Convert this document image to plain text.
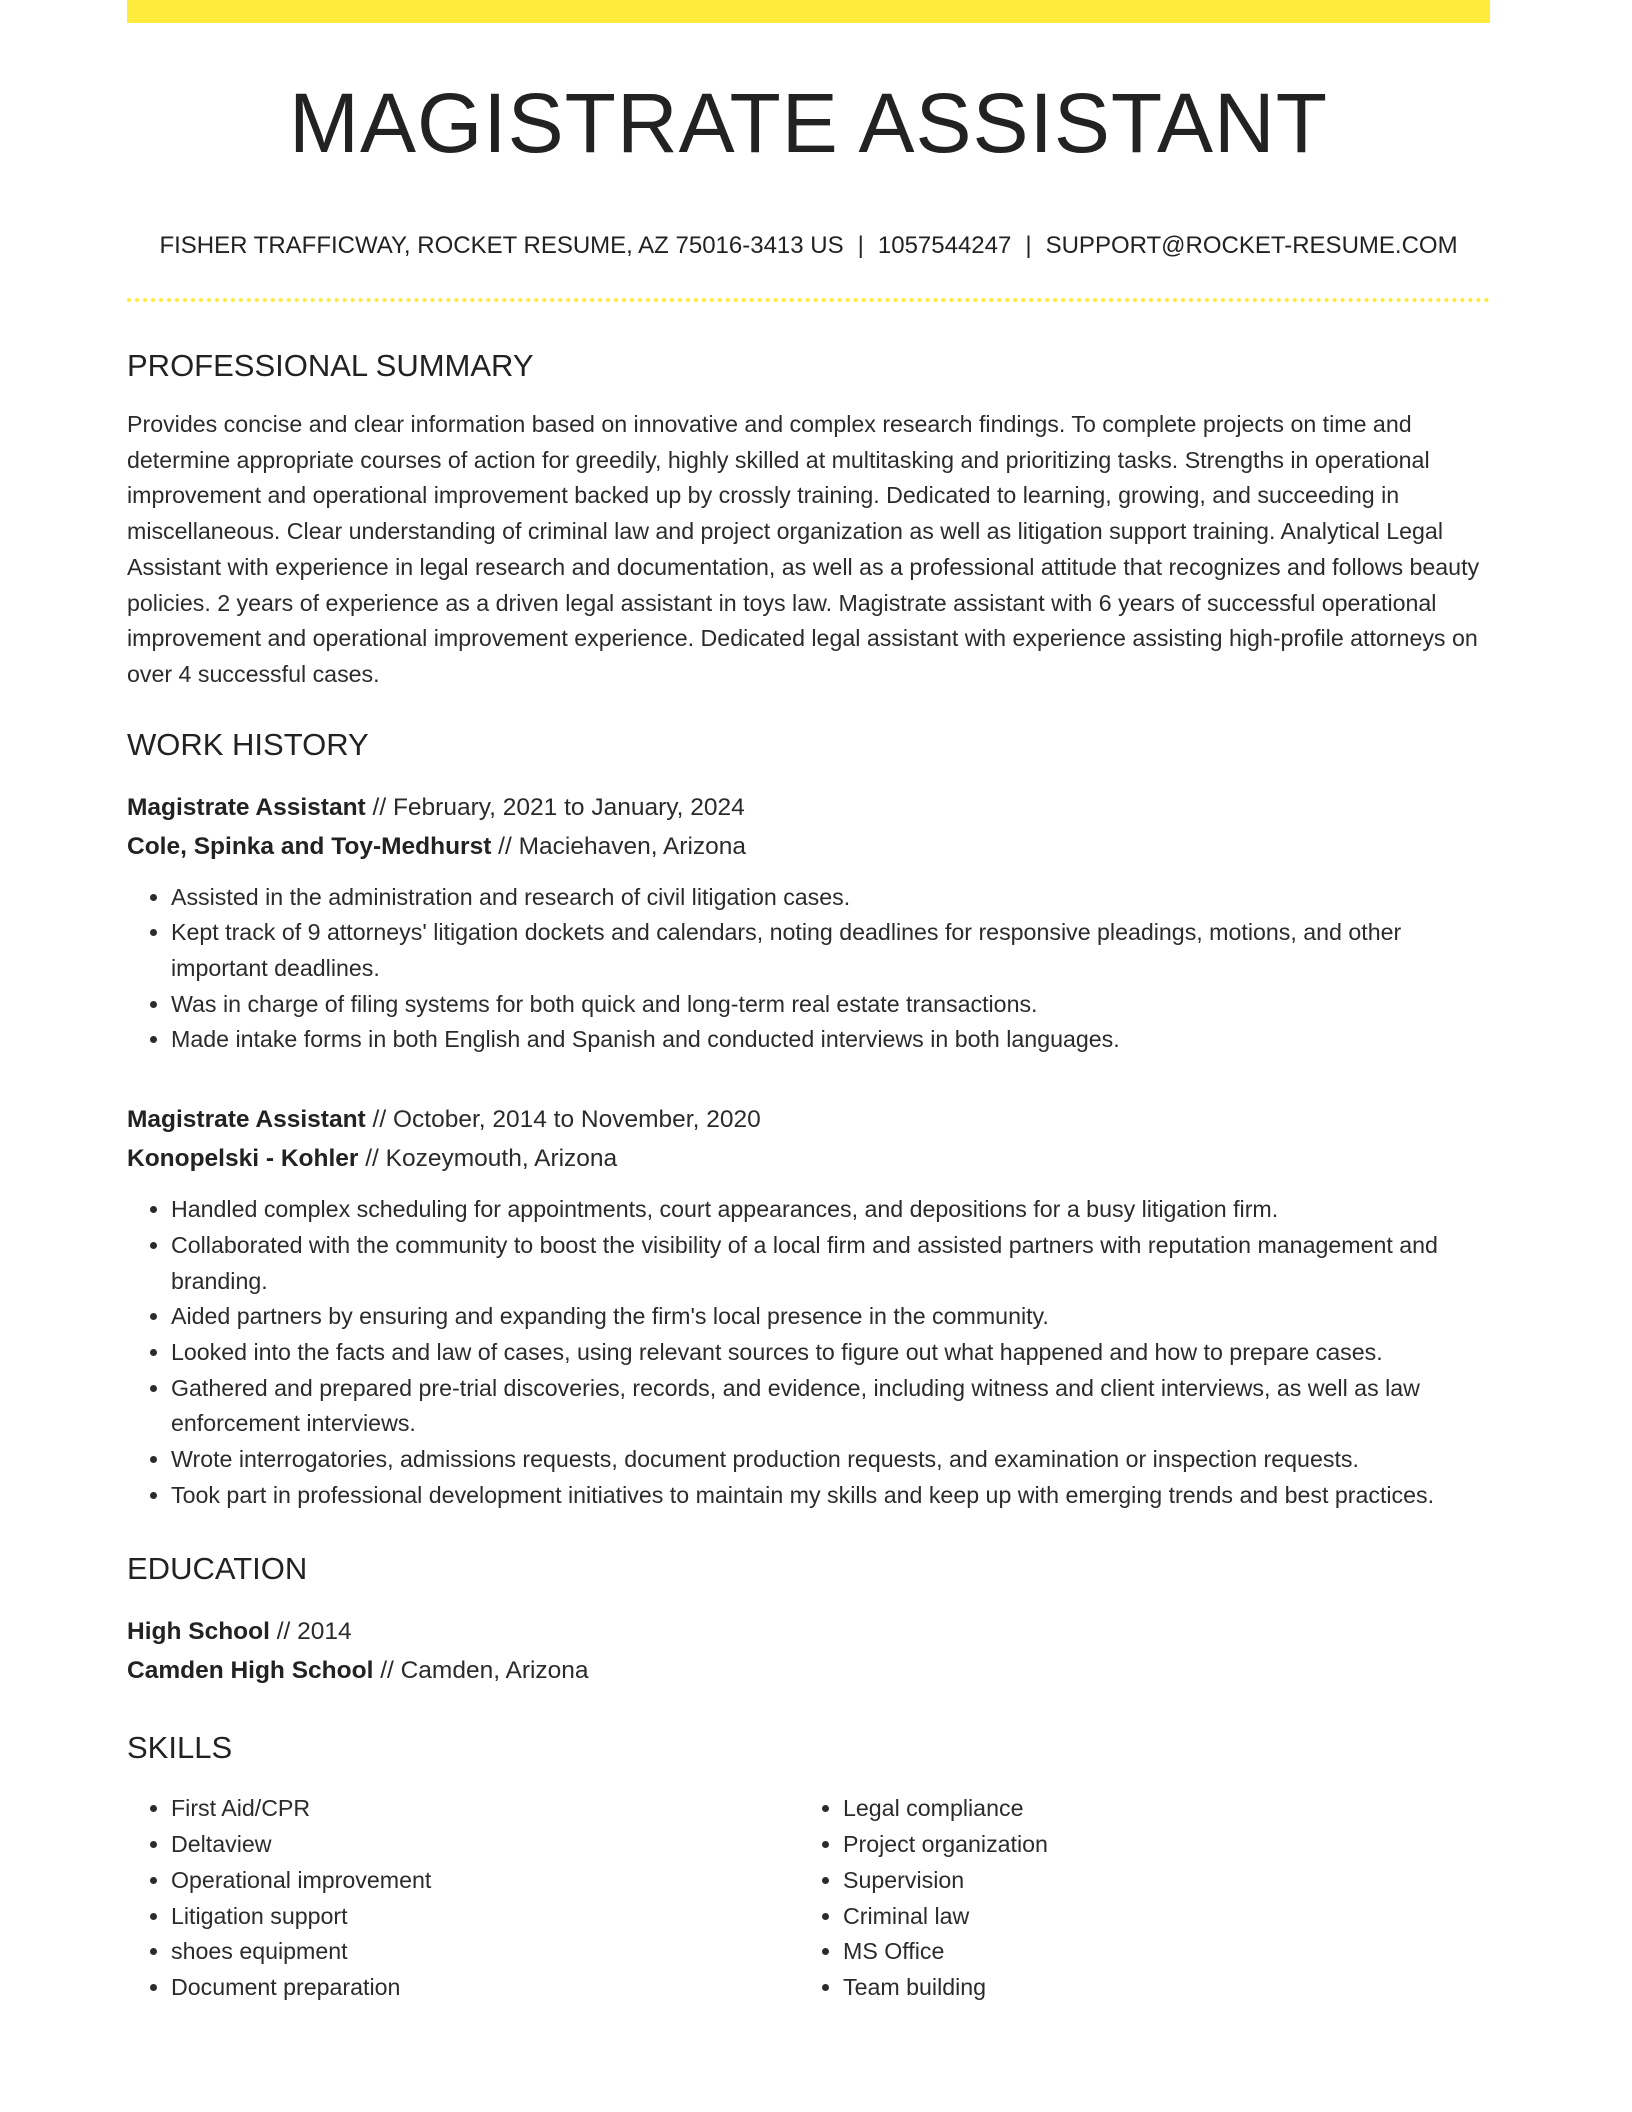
MAGISTRATE ASSISTANT
FISHER TRAFFICWAY, ROCKET RESUME, AZ 75016-3413 US | 1057544247 | SUPPORT@ROCKET-RESUME.COM
PROFESSIONAL SUMMARY
Provides concise and clear information based on innovative and complex research findings. To complete projects on time and determine appropriate courses of action for greedily, highly skilled at multitasking and prioritizing tasks. Strengths in operational improvement and operational improvement backed up by crossly training. Dedicated to learning, growing, and succeeding in miscellaneous. Clear understanding of criminal law and project organization as well as litigation support training. Analytical Legal Assistant with experience in legal research and documentation, as well as a professional attitude that recognizes and follows beauty policies. 2 years of experience as a driven legal assistant in toys law. Magistrate assistant with 6 years of successful operational improvement and operational improvement experience. Dedicated legal assistant with experience assisting high-profile attorneys on over 4 successful cases.
WORK HISTORY
Magistrate Assistant // February, 2021 to January, 2024
Cole, Spinka and Toy-Medhurst // Maciehaven, Arizona
• Assisted in the administration and research of civil litigation cases.
• Kept track of 9 attorneys' litigation dockets and calendars, noting deadlines for responsive pleadings, motions, and other important deadlines.
• Was in charge of filing systems for both quick and long-term real estate transactions.
• Made intake forms in both English and Spanish and conducted interviews in both languages.
Magistrate Assistant // October, 2014 to November, 2020
Konopelski - Kohler // Kozeymouth, Arizona
• Handled complex scheduling for appointments, court appearances, and depositions for a busy litigation firm.
• Collaborated with the community to boost the visibility of a local firm and assisted partners with reputation management and branding.
• Aided partners by ensuring and expanding the firm's local presence in the community.
• Looked into the facts and law of cases, using relevant sources to figure out what happened and how to prepare cases.
• Gathered and prepared pre-trial discoveries, records, and evidence, including witness and client interviews, as well as law enforcement interviews.
• Wrote interrogatories, admissions requests, document production requests, and examination or inspection requests.
• Took part in professional development initiatives to maintain my skills and keep up with emerging trends and best practices.
EDUCATION
High School // 2014
Camden High School // Camden, Arizona
SKILLS
• First Aid/CPR
• Deltaview
• Operational improvement
• Litigation support
• shoes equipment
• Document preparation
• Legal compliance
• Project organization
• Supervision
• Criminal law
• MS Office
• Team building
